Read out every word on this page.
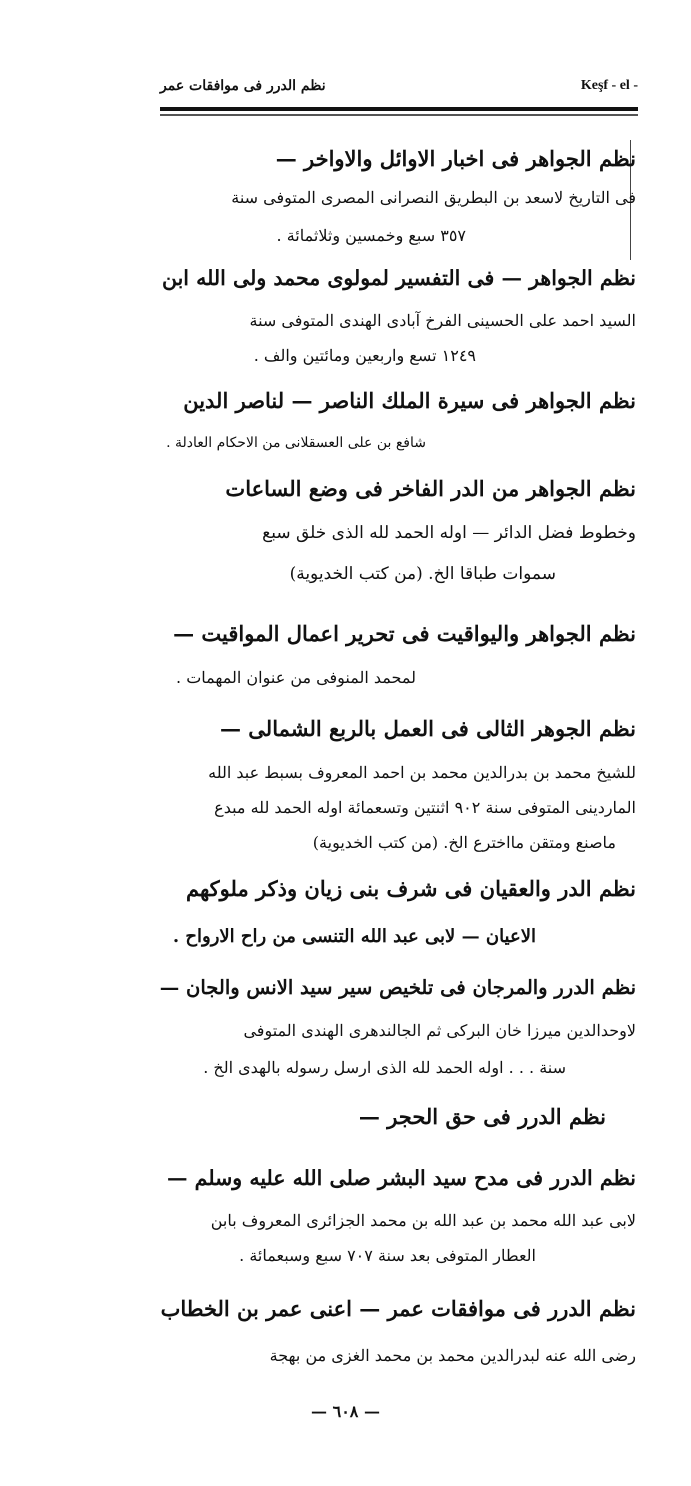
نظم الدرر فى موافقات عمر	Keşf - el -
نظم الجواهر فى اخبار الاوائل والاواخر —
فى التاريخ لاسعد بن البطريق النصرانى المصرى المتوفى سنة
٣٥٧ سبع وخمسين وثلاثمائة .
نظم الجواهر — فى التفسير لمولوى محمد ولى الله ابن
السيد احمد على الحسينى الفرخ آبادى الهندى المتوفى سنة
١٢٤٩ تسع واربعين ومائتين والف .
نظم الجواهر فى سيرة الملك الناصر — لناصر الدين
شافع بن على العسقلانى من الاحكام العادلة .
نظم الجواهر من الدر الفاخر فى وضع الساعات
وخطوط فضل الدائر — اوله الحمد لله الذى خلق سبع
سموات طباقا الخ. (من كتب الخديوية)
نظم الجواهر واليواقيت فى تحرير اعمال المواقيت —
لمحمد المنوفى من عنوان المهمات .
نظم الجوهر الثالى فى العمل بالربع الشمالى —
للشيخ محمد بن بدرالدين محمد بن احمد المعروف بسبط عبد الله
الماردينى المتوفى سنة ٩٠٢ اثنتين وتسعمائة اوله الحمد لله مبدع
ماصنع ومتقن مااخترع الخ. (من كتب الخديوية)
نظم الدر والعقيان فى شرف بنى زيان وذكر ملوكهم
الاعيان — لابى عبد الله التنسى من راح الارواح .
نظم الدرر والمرجان فى تلخيص سير سيد الانس والجان —
لاوحدالدين ميرزا خان البركى ثم الجالندهرى الهندى المتوفى
سنة . . . اوله الحمد لله الذى ارسل رسوله بالهدى الخ .
نظم الدرر فى حق الحجر —
نظم الدرر فى مدح سيد البشر صلى الله عليه وسلم —
لابى عبد الله محمد بن عبد الله بن محمد الجزائرى المعروف بابن
العطار المتوفى بعد سنة ٧٠٧ سبع وسبعمائة .
نظم الدرر فى موافقات عمر — اعنى عمر بن الخطاب
رضى الله عنه لبدرالدين محمد بن محمد الغزى من بهجة
— ٦٠٨ —
